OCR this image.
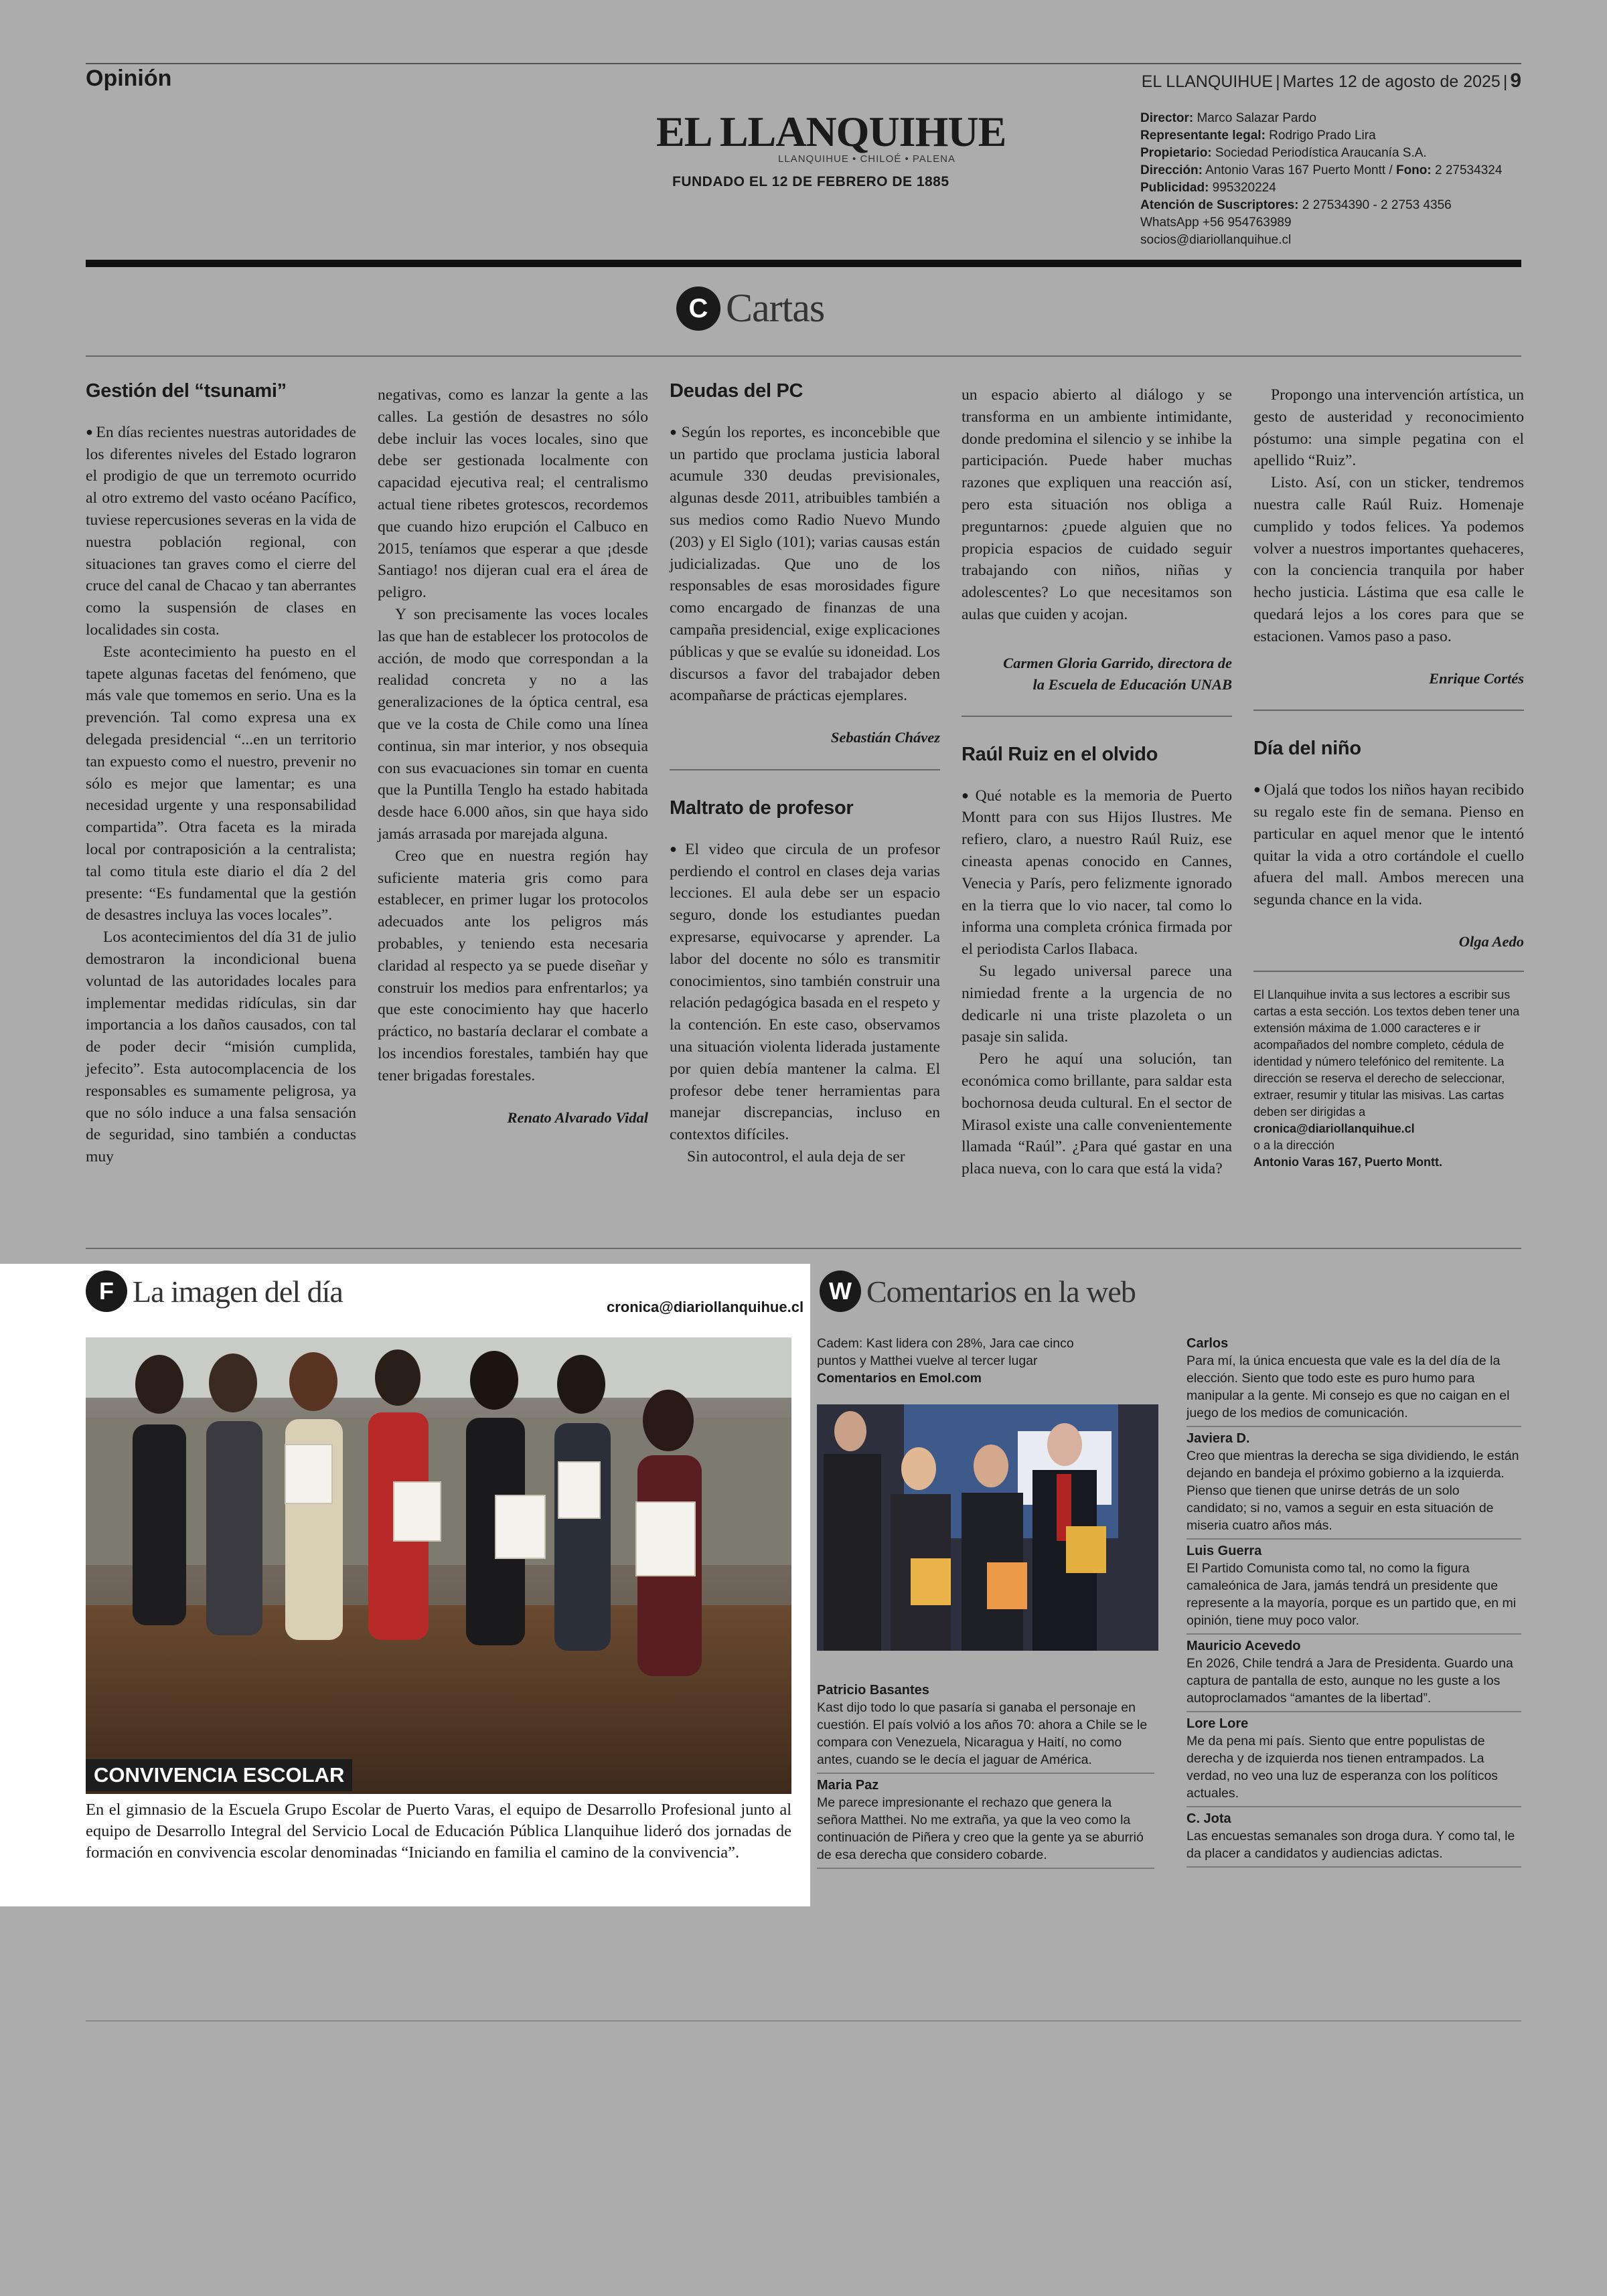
Opinión	EL LLANQUIHUE | Martes 12 de agosto de 2025 | 9
EL LLANQUIHUE
LLANQUIHUE • CHILOÉ • PALENA
FUNDADO EL 12 DE FEBRERO DE 1885
Director: Marco Salazar Pardo
Representante legal: Rodrigo Prado Lira
Propietario: Sociedad Periodística Araucanía S.A.
Dirección: Antonio Varas 167 Puerto Montt / Fono: 2 27534324
Publicidad: 995320224
Atención de Suscriptores: 2 27534390 - 2 2753 4356
WhatsApp +56 954763989
socios@diariollanquihue.cl
C Cartas
Gestión del “tsunami”

● En días recientes nuestras autoridades de los diferentes niveles del Estado lograron el prodigio de que un terremoto ocurrido al otro extremo del vasto océano Pacífico, tuviese repercusiones severas en la vida de nuestra población regional, con situaciones tan graves como el cierre del cruce del canal de Chacao y tan aberrantes como la suspensión de clases en localidades sin costa.

Este acontecimiento ha puesto en el tapete algunas facetas del fenómeno, que más vale que tomemos en serio. Una es la prevención. Tal como expresa una ex delegada presidencial “...en un territorio tan expuesto como el nuestro, prevenir no sólo es mejor que lamentar; es una necesidad urgente y una responsabilidad compartida”. Otra faceta es la mirada local por contraposición a la centralista; tal como titula este diario el día 2 del presente: “Es fundamental que la gestión de desastres incluya las voces locales”.

Los acontecimientos del día 31 de julio demostraron la incondicional buena voluntad de las autoridades locales para implementar medidas ridículas, sin dar importancia a los daños causados, con tal de poder decir “misión cumplida, jefecito”. Esta autocomplacencia de los responsables es sumamente peligrosa, ya que no sólo induce a una falsa sensación de seguridad, sino también a conductas muy

negativas, como es lanzar la gente a las calles. La gestión de desastres no sólo debe incluir las voces locales, sino que debe ser gestionada localmente con capacidad ejecutiva real; el centralismo actual tiene ribetes grotescos, recordemos que cuando hizo erupción el Calbuco en 2015, teníamos que esperar a que ¡desde Santiago! nos dijeran cual era el área de peligro.

Y son precisamente las voces locales las que han de establecer los protocolos de acción, de modo que correspondan a la realidad concreta y no a las generalizaciones de la óptica central, esa que ve la costa de Chile como una línea continua, sin mar interior, y nos obsequia con sus evacuaciones sin tomar en cuenta que la Puntilla Tenglo ha estado habitada desde hace 6.000 años, sin que haya sido jamás arrasada por marejada alguna.

Creo que en nuestra región hay suficiente materia gris como para establecer, en primer lugar los protocolos adecuados ante los peligros más probables, y teniendo esta necesaria claridad al respecto ya se puede diseñar y construir los medios para enfrentarlos; ya que este conocimiento hay que hacerlo práctico, no bastaría declarar el combate a los incendios forestales, también hay que tener brigadas forestales.

Renato Alvarado Vidal
Deudas del PC

● Según los reportes, es inconcebible que un partido que proclama justicia laboral acumule 330 deudas previsionales, algunas desde 2011, atribuibles también a sus medios como Radio Nuevo Mundo (203) y El Siglo (101); varias causas están judicializadas. Que uno de los responsables de esas morosidades figure como encargado de finanzas de una campaña presidencial, exige explicaciones públicas y que se evalúe su idoneidad. Los discursos a favor del trabajador deben acompañarse de prácticas ejemplares.

Sebastián Chávez
Maltrato de profesor

● El video que circula de un profesor perdiendo el control en clases deja varias lecciones. El aula debe ser un espacio seguro, donde los estudiantes puedan expresarse, equivocarse y aprender. La labor del docente no sólo es transmitir conocimientos, sino también construir una relación pedagógica basada en el respeto y la contención. En este caso, observamos una situación violenta liderada justamente por quien debía mantener la calma. El profesor debe tener herramientas para manejar discrepancias, incluso en contextos difíciles.

Sin autocontrol, el aula deja de ser

un espacio abierto al diálogo y se transforma en un ambiente intimidante, donde predomina el silencio y se inhibe la participación. Puede haber muchas razones que expliquen una reacción así, pero esta situación nos obliga a preguntarnos: ¿puede alguien que no propicia espacios de cuidado seguir trabajando con niños, niñas y adolescentes? Lo que necesitamos son aulas que cuiden y acojan.

Carmen Gloria Garrido, directora de
la Escuela de Educación UNAB
Raúl Ruiz en el olvido

● Qué notable es la memoria de Puerto Montt para con sus Hijos Ilustres. Me refiero, claro, a nuestro Raúl Ruiz, ese cineasta apenas conocido en Cannes, Venecia y París, pero felizmente ignorado en la tierra que lo vio nacer, tal como lo informa una completa crónica firmada por el periodista Carlos Ilabaca.

Su legado universal parece una nimiedad frente a la urgencia de no dedicarle ni una triste plazoleta o un pasaje sin salida.

Pero he aquí una solución, tan económica como brillante, para saldar esta bochornosa deuda cultural. En el sector de Mirasol existe una calle convenientemente llamada “Raúl”. ¿Para qué gastar en una placa nueva, con lo cara que está la vida?

Propongo una intervención artística, un gesto de austeridad y reconocimiento póstumo: una simple pegatina con el apellido “Ruiz”.

Listo. Así, con un sticker, tendremos nuestra calle Raúl Ruiz. Homenaje cumplido y todos felices. Ya podemos volver a nuestros importantes quehaceres, con la conciencia tranquila por haber hecho justicia. Lástima que esa calle le quedará lejos a los cores para que se estacionen. Vamos paso a paso.

Enrique Cortés
Día del niño

● Ojalá que todos los niños hayan recibido su regalo este fin de semana. Pienso en particular en aquel menor que le intentó quitar la vida a otro cortándole el cuello afuera del mall. Ambos merecen una segunda chance en la vida.

Olga Aedo
El Llanquihue invita a sus lectores a escribir sus cartas a esta sección. Los textos deben tener una extensión máxima de 1.000 caracteres e ir acompañados del nombre completo, cédula de identidad y número telefónico del remitente. La dirección se reserva el derecho de seleccionar, extraer, resumir y titular las misivas. Las cartas deben ser dirigidas a
cronica@diariollanquihue.cl
o a la dirección
Antonio Varas 167, Puerto Montt.
F La imagen del día	cronica@diariollanquihue.cl
CONVIVENCIA ESCOLAR
En el gimnasio de la Escuela Grupo Escolar de Puerto Varas, el equipo de Desarrollo Profesional junto al equipo de Desarrollo Integral del Servicio Local de Educación Pública Llanquihue lideró dos jornadas de formación en convivencia escolar denominadas “Iniciando en familia el camino de la convivencia”.
W Comentarios en la web
Cadem: Kast lidera con 28%, Jara cae cinco puntos y Matthei vuelve al tercer lugar
Comentarios en Emol.com
Patricio Basantes
Kast dijo todo lo que pasaría si ganaba el personaje en cuestión. El país volvió a los años 70: ahora a Chile se le compara con Venezuela, Nicaragua y Haití, no como antes, cuando se le decía el jaguar de América.
Maria Paz
Me parece impresionante el rechazo que genera la señora Matthei. No me extraña, ya que la veo como la continuación de Piñera y creo que la gente ya se aburrió de esa derecha que considero cobarde.
Carlos
Para mí, la única encuesta que vale es la del día de la elección. Siento que todo este es puro humo para manipular a la gente. Mi consejo es que no caigan en el juego de los medios de comunicación.
Javiera D.
Creo que mientras la derecha se siga dividiendo, le están dejando en bandeja el próximo gobierno a la izquierda. Pienso que tienen que unirse detrás de un solo candidato; si no, vamos a seguir en esta situación de miseria cuatro años más.
Luis Guerra
El Partido Comunista como tal, no como la figura camaleónica de Jara, jamás tendrá un presidente que represente a la mayoría, porque es un partido que, en mi opinión, tiene muy poco valor.
Mauricio Acevedo
En 2026, Chile tendrá a Jara de Presidenta. Guardo una captura de pantalla de esto, aunque no les guste a los autoproclamados “amantes de la libertad”.
Lore Lore
Me da pena mi país. Siento que entre populistas de derecha y de izquierda nos tienen entrampados. La verdad, no veo una luz de esperanza con los políticos actuales.
C. Jota
Las encuestas semanales son droga dura. Y como tal, le da placer a candidatos y audiencias adictas.
